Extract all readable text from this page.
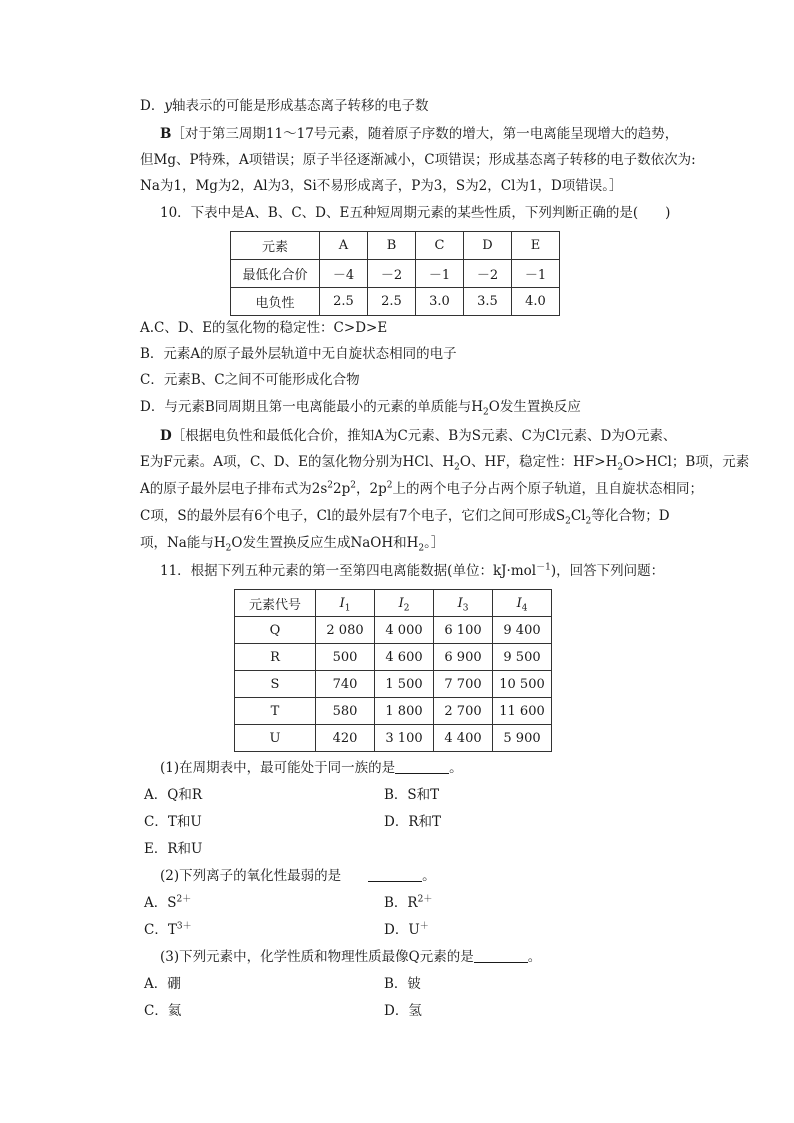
D．y轴表示的可能是形成基态离子转移的电子数
B［对于第三周期11～17号元素，随着原子序数的增大，第一电离能呈现增大的趋势，
但Mg、P特殊，A项错误；原子半径逐渐减小，C项错误；形成基态离子转移的电子数依次为:
Na为1，Mg为2，Al为3，Si不易形成离子，P为3，S为2，Cl为1，D项错误。］
10．下表中是A、B、C、D、E五种短周期元素的某些性质，下列判断正确的是(　　)
元素	A	B	C	D	E
最低化合价	－4	－2	－1	－2	－1
电负性	2.5	2.5	3.0	3.5	4.0
A.C、D、E的氢化物的稳定性：C>D>E
B．元素A的原子最外层轨道中无自旋状态相同的电子
C．元素B、C之间不可能形成化合物
D．与元素B同周期且第一电离能最小的元素的单质能与$H_2O$发生置换反应
D［根据电负性和最低化合价，推知A为C元素、B为S元素、C为Cl元素、D为O元素、
E为F元素。A项，C、D、E的氢化物分别为HCl、$H_2O$、HF，稳定性：$HF>H_2O>HCl$；B项，元素
A的原子最外层电子排布式为$2s^22p^2$，$2p^2$上的两个电子分占两个原子轨道，且自旋状态相同；
C项，S的最外层有6个电子，Cl的最外层有7个电子，它们之间可形成$S_2Cl_2$等化合物；D
项，Na能与$H_2O$发生置换反应生成NaOH和$H_2$。］
11．根据下列五种元素的第一至第四电离能数据(单位：kJ·mol$^{-1}$)，回答下列问题：
元素代号	$I_1$	$I_2$	$I_3$	$I_4$
Q	2 080	4 000	6 100	9 400
R	500	4 600	6 900	9 500
S	740	1 500	7 700	10 500
T	580	1 800	2 700	11 600
U	420	3 100	4 400	5 900
(1)在周期表中，最可能处于同一族的是	。
A．Q和R	B．S和T
C．T和U	D．R和T
E．R和U
(2)下列离子的氧化性最弱的是　　	。
A．$S^{2+}$	B．$R^{2+}$
C．$T^{3+}$	D．U＋
(3)下列元素中，化学性质和物理性质最像Q元素的是	。
A．硼	B．铍
C．氦	D．氢
